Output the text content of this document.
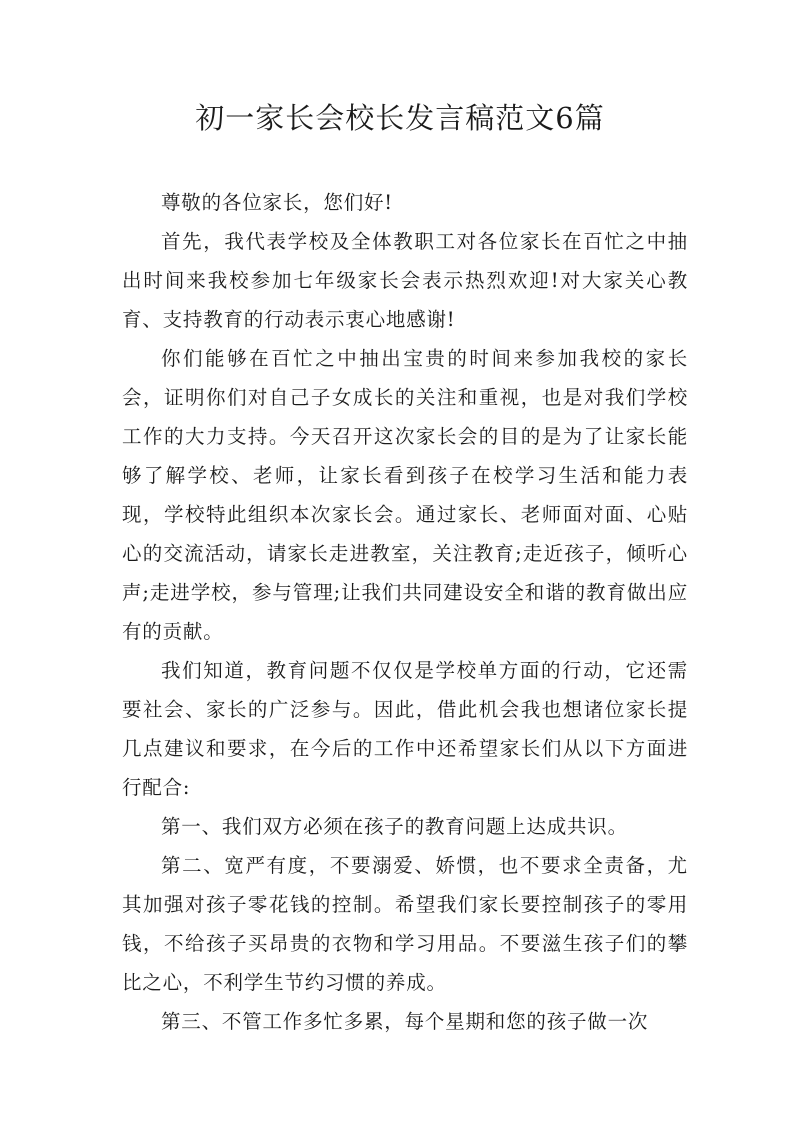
初一家长会校长发言稿范文6篇

尊敬的各位家长，您们好!

首先，我代表学校及全体教职工对各位家长在百忙之中抽出时间来我校参加七年级家长会表示热烈欢迎!对大家关心教育、支持教育的行动表示衷心地感谢!

你们能够在百忙之中抽出宝贵的时间来参加我校的家长会，证明你们对自己子女成长的关注和重视，也是对我们学校工作的大力支持。今天召开这次家长会的目的是为了让家长能够了解学校、老师，让家长看到孩子在校学习生活和能力表现，学校特此组织本次家长会。通过家长、老师面对面、心贴心的交流活动，请家长走进教室，关注教育;走近孩子，倾听心声;走进学校，参与管理;让我们共同建设安全和谐的教育做出应有的贡献。

我们知道，教育问题不仅仅是学校单方面的行动，它还需要社会、家长的广泛参与。因此，借此机会我也想诸位家长提几点建议和要求，在今后的工作中还希望家长们从以下方面进行配合:

第一、我们双方必须在孩子的教育问题上达成共识。

第二、宽严有度，不要溺爱、娇惯，也不要求全责备，尤其加强对孩子零花钱的控制。希望我们家长要控制孩子的零用钱，不给孩子买昂贵的衣物和学习用品。不要滋生孩子们的攀比之心，不利学生节约习惯的养成。

第三、不管工作多忙多累，每个星期和您的孩子做一次
